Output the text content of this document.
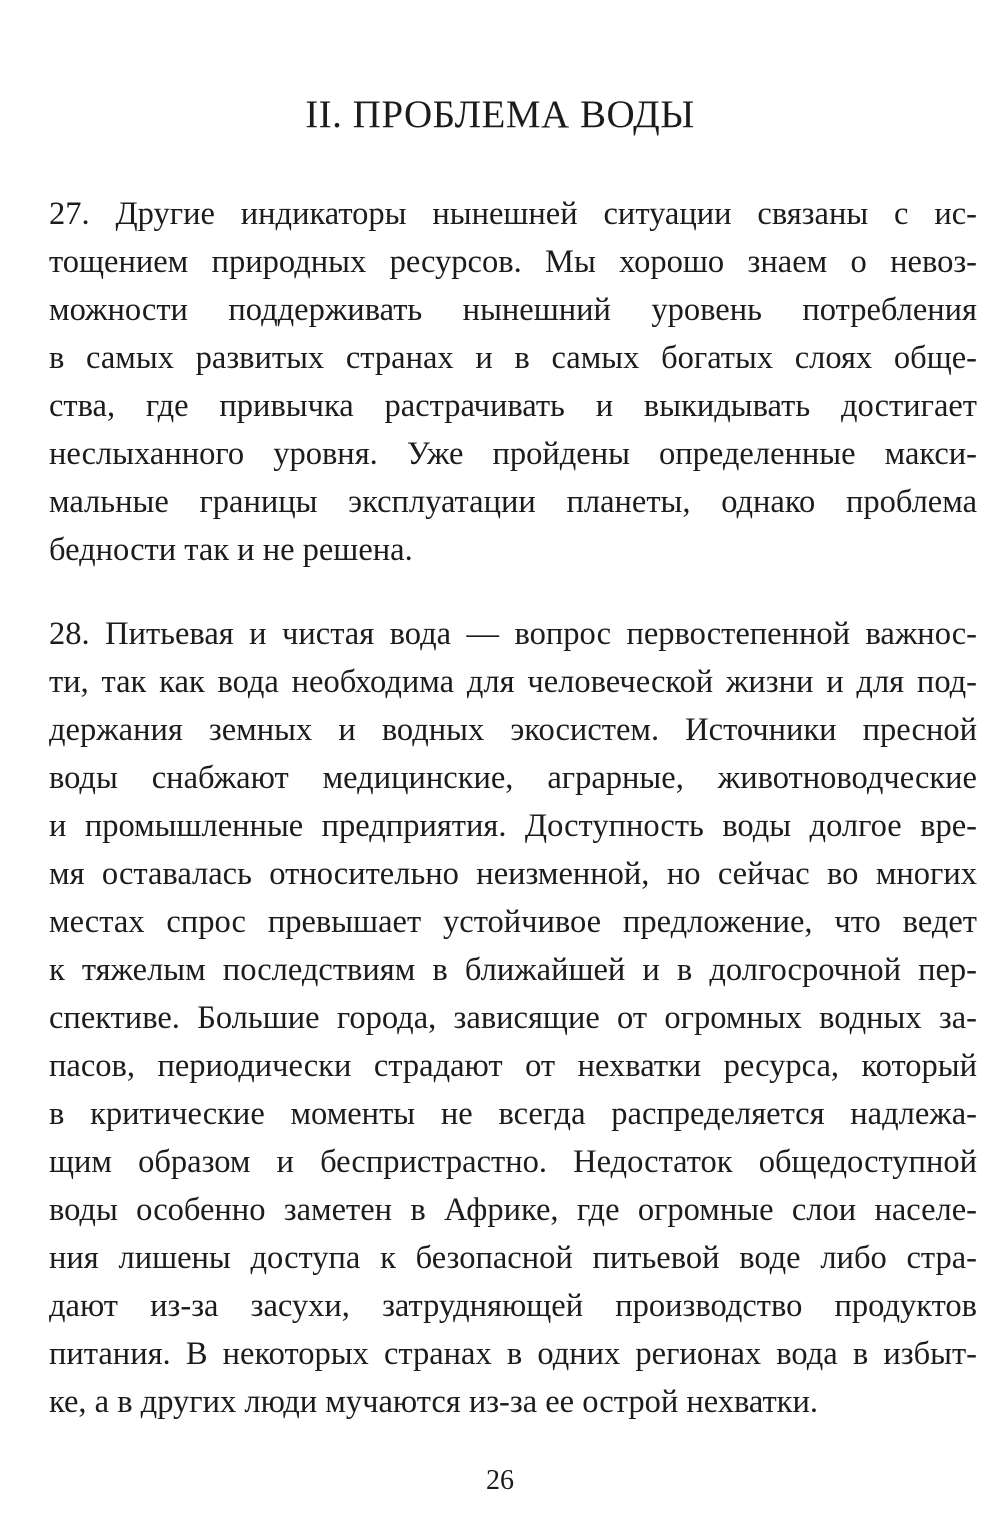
II. ПРОБЛЕМА ВОДЫ

27. Другие индикаторы нынешней ситуации связаны с ис-

тощением природных ресурсов. Мы хорошо знаем о невоз-

можности поддерживать нынешний уровень потребления

в самых развитых странах и в самых богатых слоях обще-

ства, где привычка растрачивать и выкидывать достигает

неслыханного уровня. Уже пройдены определенные макси-

мальные границы эксплуатации планеты, однако проблема

бедности так и не решена.

28. Питьевая и чистая вода — вопрос первостепенной важнос-

ти, так как вода необходима для человеческой жизни и для под-

держания земных и водных экосистем. Источники пресной

воды снабжают медицинские, аграрные, животноводческие

и промышленные предприятия. Доступность воды долгое вре-

мя оставалась относительно неизменной, но сейчас во многих

местах спрос превышает устойчивое предложение, что ведет

к тяжелым последствиям в ближайшей и в долгосрочной пер-

спективе. Большие города, зависящие от огромных водных за-

пасов, периодически страдают от нехватки ресурса, который

в критические моменты не всегда распределяется надлежа-

щим образом и беспристрастно. Недостаток общедоступной

воды особенно заметен в Африке, где огромные слои населе-

ния лишены доступа к безопасной питьевой воде либо стра-

дают из-за засухи, затрудняющей производство продуктов

питания. В некоторых странах в одних регионах вода в избыт-

ке, а в других люди мучаются из-за ее острой нехватки.

26
